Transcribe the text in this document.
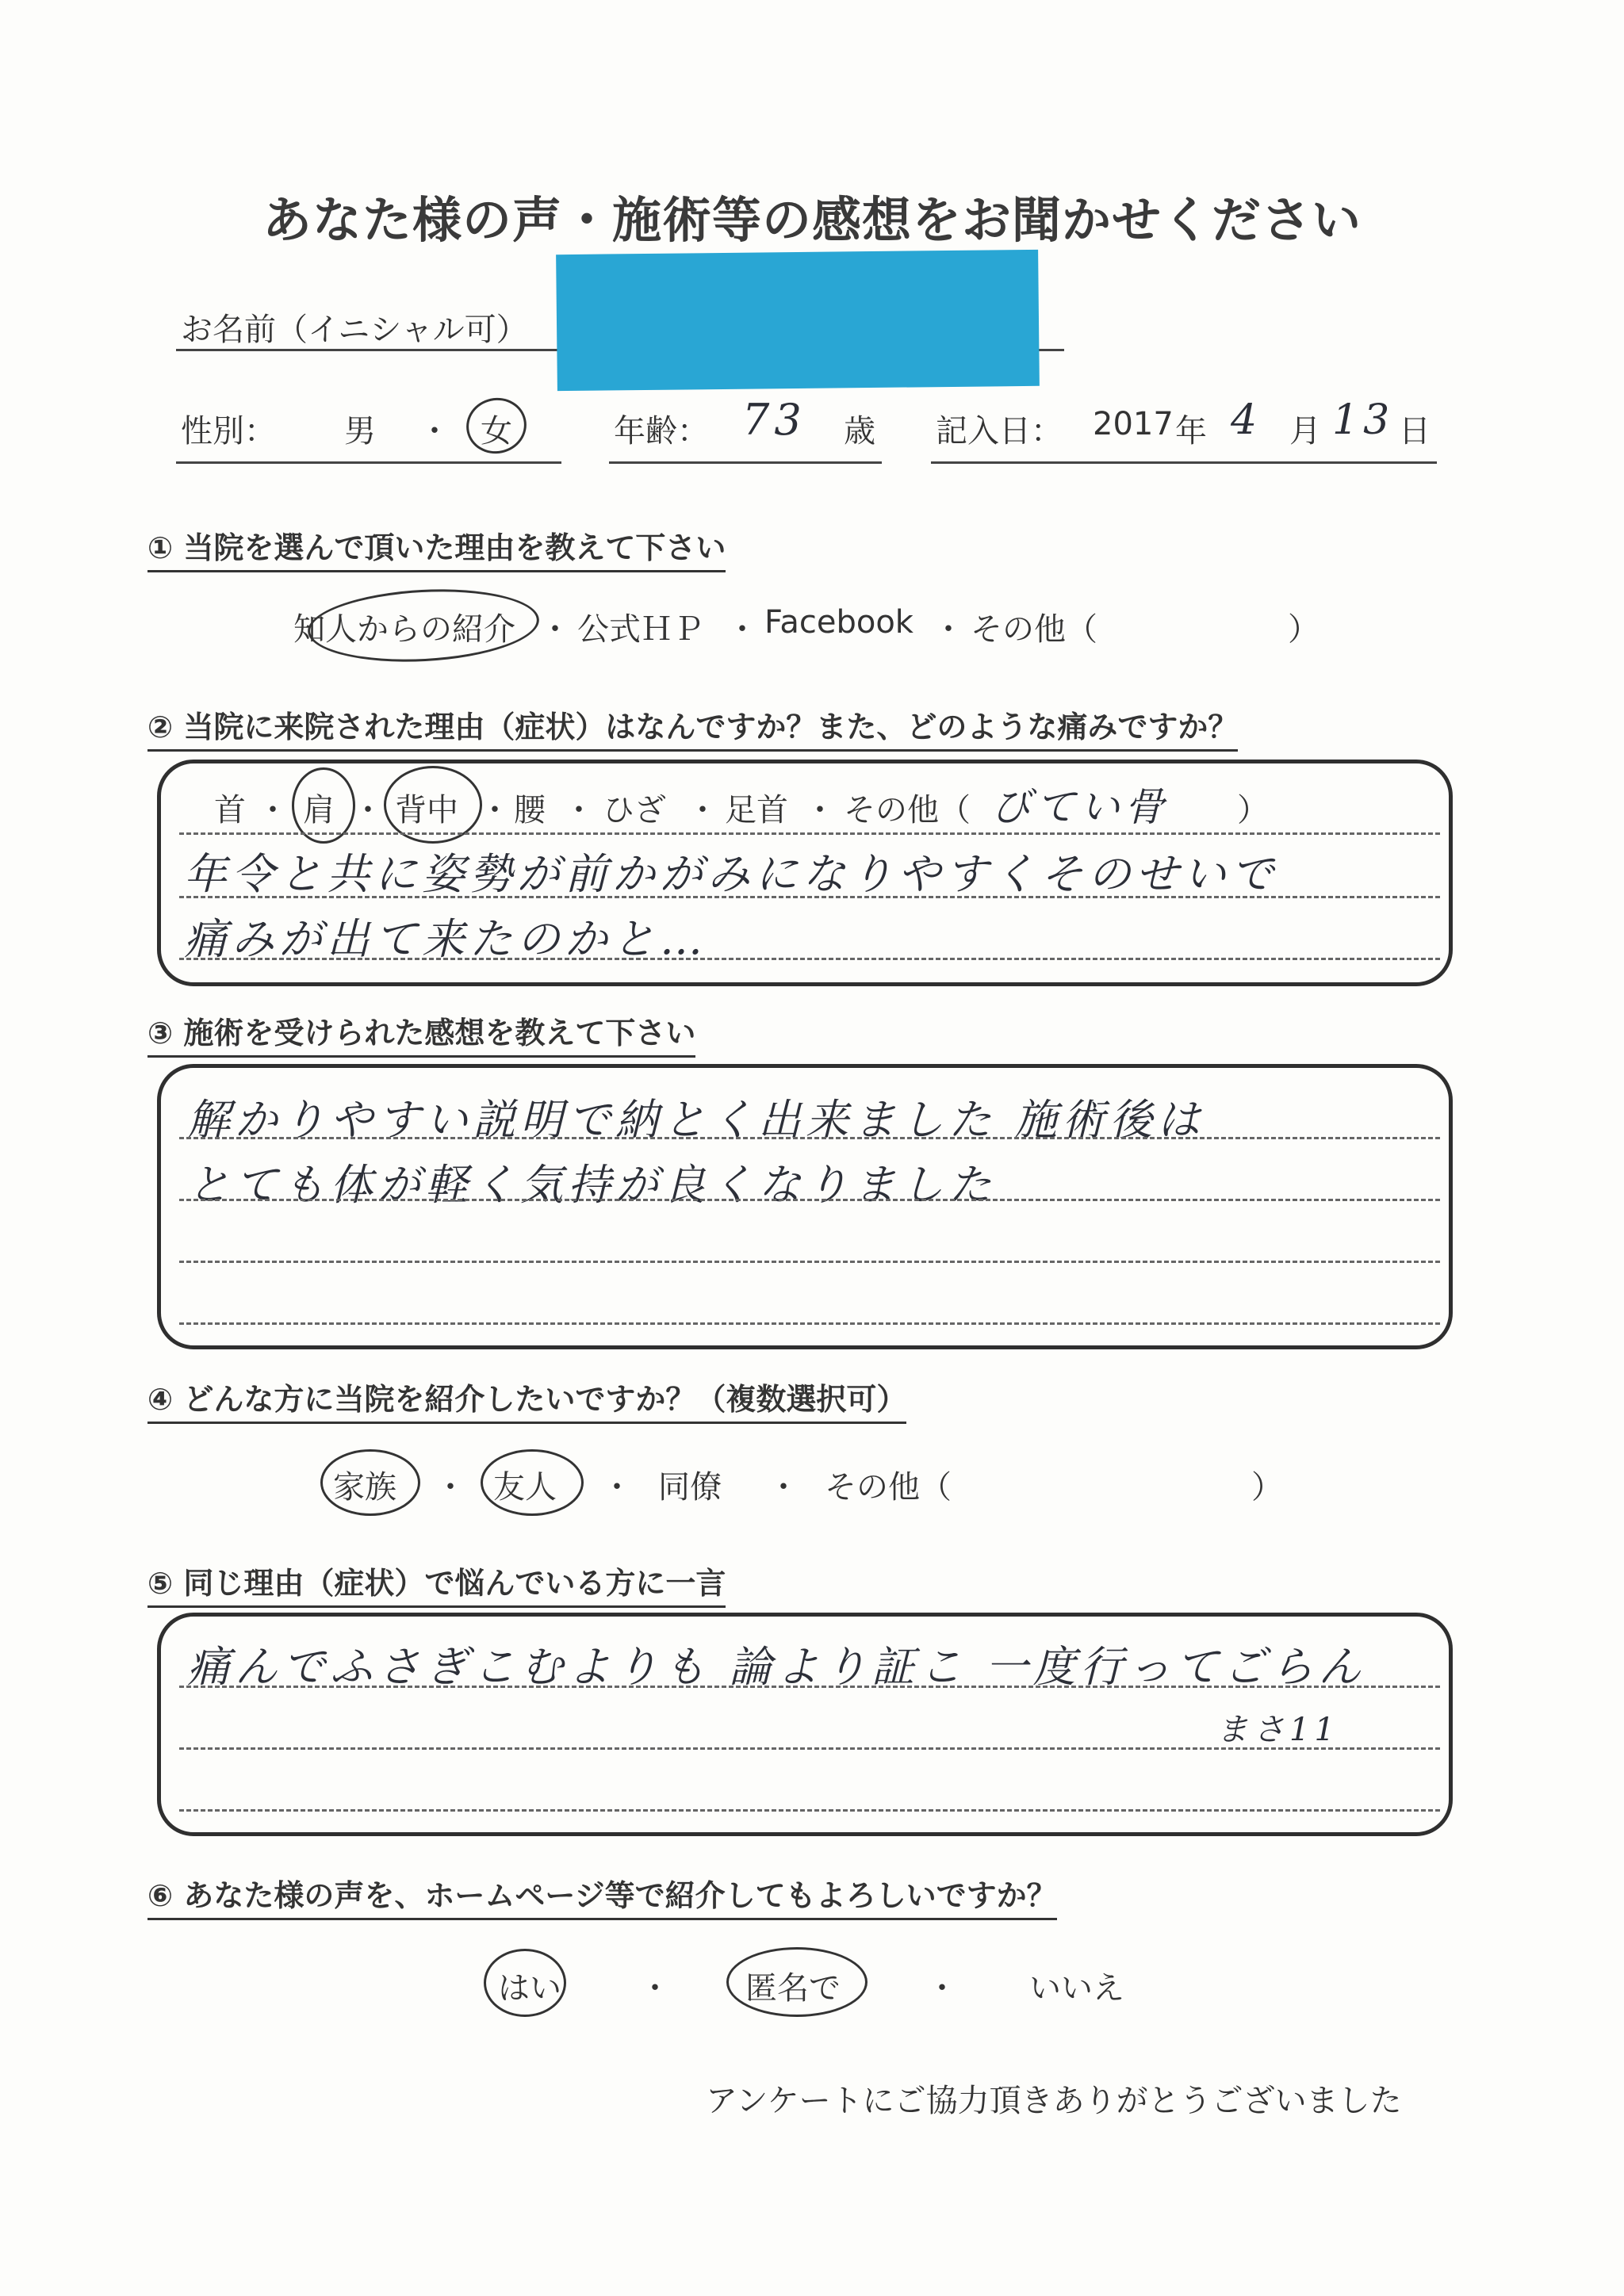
あなた様の声・施術等の感想をお聞かせください
お名前（イニシャル可）
性別： 男 ・ 女	年齢： 73 歳 記入日： 2017 年 4 月 13 日
① 当院を選んで頂いた理由を教えて下さい
知人からの紹介 ・ 公式ＨＰ ・ Facebook ・ その他（	）
② 当院に来院された理由（症状）はなんですか？また、どのような痛みですか？
首 ・ 肩 ・ 背中 ・ 腰 ・ ひざ ・ 足首 ・ その他（ びてい骨 ）
年令と共に姿勢が前かがみになりやすくそのせいで
痛みが出て来たのかと…
③ 施術を受けられた感想を教えて下さい
解かりやすい説明で納とく出来ました 施術後は
とても体が軽く気持が良くなりました
④ どんな方に当院を紹介したいですか？（複数選択可）
家族 ・ 友人 ・ 同僚 ・ その他（	）
⑤ 同じ理由（症状）で悩んでいる方に一言
痛んでふさぎこむよりも 論より証こ 一度行ってごらん
まさ11
⑥ あなた様の声を、ホームページ等で紹介してもよろしいですか？
はい ・ 匿名で	・ いいえ
アンケートにご協力頂きありがとうございました
